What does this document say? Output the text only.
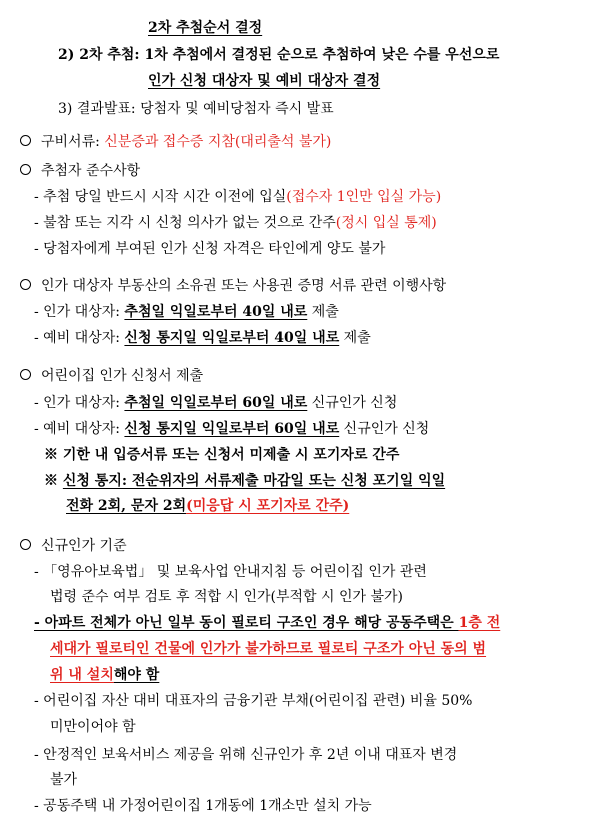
2차 추첨순서 결정
2) 2차 추첨: 1차 추첨에서 결정된 순으로 추첨하여 낮은 수를 우선으로
인가 신청 대상자 및 예비 대상자 결정
3) 결과발표: 당첨자 및 예비당첨자 즉시 발표
구비서류: 신분증과 접수증 지참(대리출석 불가)
추첨자 준수사항
- 추첨 당일 반드시 시작 시간 이전에 입실(접수자 1인만 입실 가능)
- 불참 또는 지각 시 신청 의사가 없는 것으로 간주(정시 입실 통제)
- 당첨자에게 부여된 인가 신청 자격은 타인에게 양도 불가
인가 대상자 부동산의 소유권 또는 사용권 증명 서류 관련 이행사항
- 인가 대상자: 추첨일 익일로부터 40일 내로 제출
- 예비 대상자: 신청 통지일 익일로부터 40일 내로 제출
어린이집 인가 신청서 제출
- 인가 대상자: 추첨일 익일로부터 60일 내로 신규인가 신청
- 예비 대상자: 신청 통지일 익일로부터 60일 내로 신규인가 신청
※ 기한 내 입증서류 또는 신청서 미제출 시 포기자로 간주
※ 신청 통지: 전순위자의 서류제출 마감일 또는 신청 포기일 익일
전화 2회, 문자 2회(미응답 시 포기자로 간주)
신규인가 기준
- 「영유아보육법」 및 보육사업 안내지침 등 어린이집 인가 관련
법령 준수 여부 검토 후 적합 시 인가(부적합 시 인가 불가)
- 아파트 전체가 아닌 일부 동이 필로티 구조인 경우 해당 공동주택은 1층 전
세대가 필로티인 건물에 인가가 불가하므로 필로티 구조가 아닌 동의 범
위 내 설치해야 함
- 어린이집 자산 대비 대표자의 금융기관 부채(어린이집 관련) 비율 50%
미만이어야 함
- 안정적인 보육서비스 제공을 위해 신규인가 후 2년 이내 대표자 변경
불가
- 공동주택 내 가정어린이집 1개동에 1개소만 설치 가능
